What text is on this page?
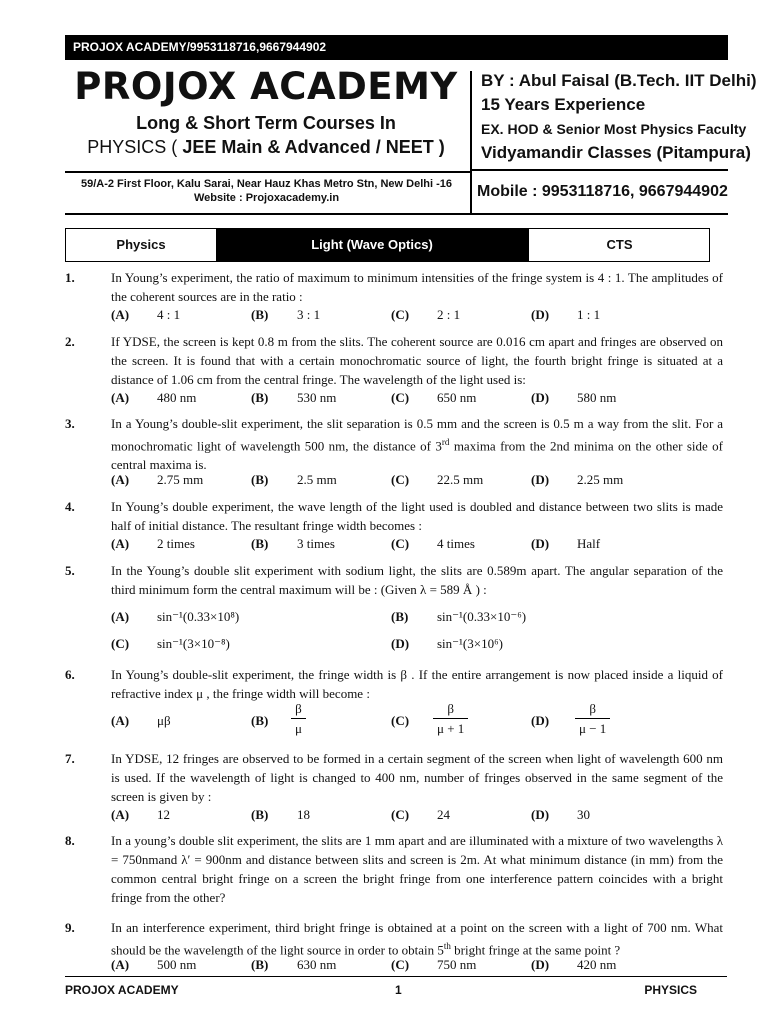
PROJOX ACADEMY/9953118716,9667944902
PROJOX ACADEMY
Long & Short Term Courses In
PHYSICS ( JEE Main & Advanced / NEET )
BY : Abul Faisal (B.Tech. IIT Delhi)
15 Years Experience
EX. HOD & Senior Most Physics Faculty
Vidyamandir Classes (Pitampura)
59/A-2 First Floor, Kalu Sarai, Near Hauz Khas Metro Stn, New Delhi -16
Website : Projoxacademy.in	Mobile : 9953118716, 9667944902
Physics	Light (Wave Optics)	CTS
1.	In Young’s experiment, the ratio of maximum to minimum intensities of the fringe system is 4 : 1. The amplitudes of the coherent sources are in the ratio :
(A) 4 : 1	(B) 3 : 1	(C) 2 : 1	(D) 1 : 1
2.	If YDSE, the screen is kept 0.8 m from the slits. The coherent source are 0.016 cm apart and fringes are observed on the screen. It is found that with a certain monochromatic source of light, the fourth bright fringe is situated at a distance of 1.06 cm from the central fringe. The wavelength of the light used is:
(A) 480 nm	(B) 530 nm	(C) 650 nm	(D) 580 nm
3.	In a Young’s double-slit experiment, the slit separation is 0.5 mm and the screen is 0.5 m a way from the slit. For a monochromatic light of wavelength 500 nm, the distance of 3rd maxima from the 2nd minima on the other side of central maxima is.
(A) 2.75 mm	(B) 2.5 mm	(C) 22.5 mm	(D) 2.25 mm
4.	In Young’s double experiment, the wave length of the light used is doubled and distance between two slits is made half of initial distance. The resultant fringe width becomes :
(A) 2 times	(B) 3 times	(C) 4 times	(D) Half
5.	In the Young’s double slit experiment with sodium light, the slits are 0.589m apart. The angular separation of the third minimum form the central maximum will be : (Given λ = 589 Å ) :
(A) sin⁻¹(0.33×10⁸)	(B) sin⁻¹(0.33×10⁻⁶)
(C) sin⁻¹(3×10⁻⁸)	(D) sin⁻¹(3×10⁶)
6.	In Young’s double-slit experiment, the fringe width is β . If the entire arrangement is now placed inside a liquid of refractive index μ , the fringe width will become :
(A) μβ	$(B) \frac{\beta}{\mu}$	$(C) \frac{\beta}{\mu + 1}$	$(D) \frac{\beta}{\mu - 1}$
7.	In YDSE, 12 fringes are observed to be formed in a certain segment of the screen when light of wavelength 600 nm is used. If the wavelength of light is changed to 400 nm, number of fringes observed in the same segment of the screen is given by :
(A) 12	(B) 18	(C) 24	(D) 30
8.	In a young’s double slit experiment, the slits are 1 mm apart and are illuminated with a mixture of two wavelengths λ = 750nmand λ′ = 900nm and distance between slits and screen is 2m. At what minimum distance (in mm) from the common central bright fringe on a screen the bright fringe from one interference pattern coincides with a bright fringe from the other?
9.	In an interference experiment, third bright fringe is obtained at a point on the screen with a light of 700 nm. What should be the wavelength of the light source in order to obtain 5th bright fringe at the same point ?
(A) 500 nm	(B) 630 nm	(C) 750 nm	(D) 420 nm
PROJOX ACADEMY	1	PHYSICS
